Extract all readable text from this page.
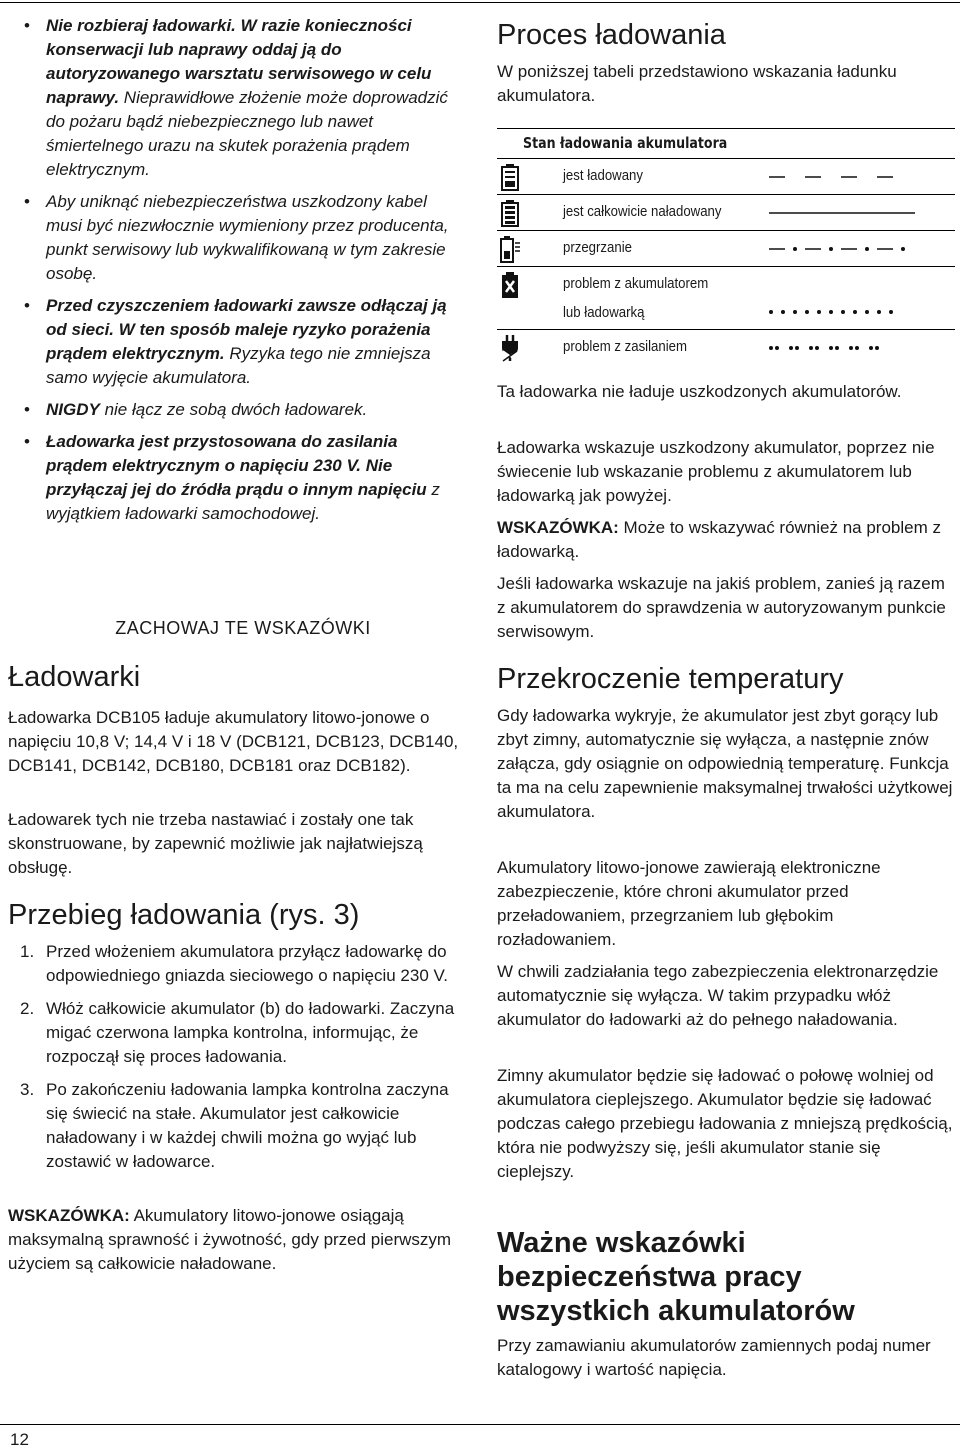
• Nie rozbieraj ładowarki. W razie konieczności konserwacji lub naprawy oddaj ją do autoryzowanego warsztatu serwisowego w celu naprawy. Nieprawidłowe złożenie może doprowadzić do pożaru bądź niebezpiecznego lub nawet śmiertelnego urazu na skutek porażenia prądem elektrycznym.
• Aby uniknąć niebezpieczeństwa uszkodzony kabel musi być niezwłocznie wymieniony przez producenta, punkt serwisowy lub wykwalifikowaną w tym zakresie osobę.
• Przed czyszczeniem ładowarki zawsze odłączaj ją od sieci. W ten sposób maleje ryzyko porażenia prądem elektrycznym. Ryzyka tego nie zmniejsza samo wyjęcie akumulatora.
• NIGDY nie łącz ze sobą dwóch ładowarek.
• Ładowarka jest przystosowana do zasilania prądem elektrycznym o napięciu 230 V. Nie przyłączaj jej do źródła prądu o innym napięciu z wyjątkiem ładowarki samochodowej.
ZACHOWAJ TE WSKAZÓWKI
Ładowarki

Ładowarka DCB105 ładuje akumulatory litowo-jonowe o napięciu 10,8 V; 14,4 V i 18 V (DCB121, DCB123, DCB140, DCB141, DCB142, DCB180, DCB181 oraz DCB182).

Ładowarek tych nie trzeba nastawiać i zostały one tak skonstruowane, by zapewnić możliwie jak najłatwiejszą obsługę.

Przebieg ładowania (rys. 3)
1. Przed włożeniem akumulatora przyłącz ładowarkę do odpowiedniego gniazda sieciowego o napięciu 230 V.
2. Włóż całkowicie akumulator (b) do ładowarki. Zaczyna migać czerwona lampka kontrolna, informując, że rozpoczął się proces ładowania.
3. Po zakończeniu ładowania lampka kontrolna zaczyna się świecić na stałe. Akumulator jest całkowicie naładowany i w każdej chwili można go wyjąć lub zostawić w ładowarce.

WSKAZÓWKA: Akumulatory litowo-jonowe osiągają maksymalną sprawność i żywotność, gdy przed pierwszym użyciem są całkowicie naładowane.

Proces ładowania

W poniższej tabeli przedstawiono wskazania ładunku akumulatora.

Stan ładowania akumulatora
jest ładowany
jest całkowicie naładowany
przegrzanie
problem z akumulatorem
lub ładowarką
problem z zasilaniem

Ta ładowarka nie ładuje uszkodzonych akumulatorów.

Ładowarka wskazuje uszkodzony akumulator, poprzez nie świecenie lub wskazanie problemu z akumulatorem lub ładowarką jak powyżej.

WSKAZÓWKA: Może to wskazywać również na problem z ładowarką.

Jeśli ładowarka wskazuje na jakiś problem, zanieś ją razem z akumulatorem do sprawdzenia w autoryzowanym punkcie serwisowym.

Przekroczenie temperatury

Gdy ładowarka wykryje, że akumulator jest zbyt gorący lub zbyt zimny, automatycznie się wyłącza, a następnie znów załącza, gdy osiągnie on odpowiednią temperaturę. Funkcja ta ma na celu zapewnienie maksymalnej trwałości użytkowej akumulatora.

Akumulatory litowo-jonowe zawierają elektroniczne zabezpieczenie, które chroni akumulator przed przeładowaniem, przegrzaniem lub głębokim rozładowaniem.

W chwili zadziałania tego zabezpieczenia elektronarzędzie automatycznie się wyłącza. W takim przypadku włóż akumulator do ładowarki aż do pełnego naładowania.

Zimny akumulator będzie się ładować o połowę wolniej od akumulatora cieplejszego. Akumulator będzie się ładować podczas całego przebiegu ładowania z mniejszą prędkością, która nie podwyższy się, jeśli akumulator stanie się cieplejszy.

Ważne wskazówki bezpieczeństwa pracy wszystkich akumulatorów

Przy zamawianiu akumulatorów zamiennych podaj numer katalogowy i wartość napięcia.

12
